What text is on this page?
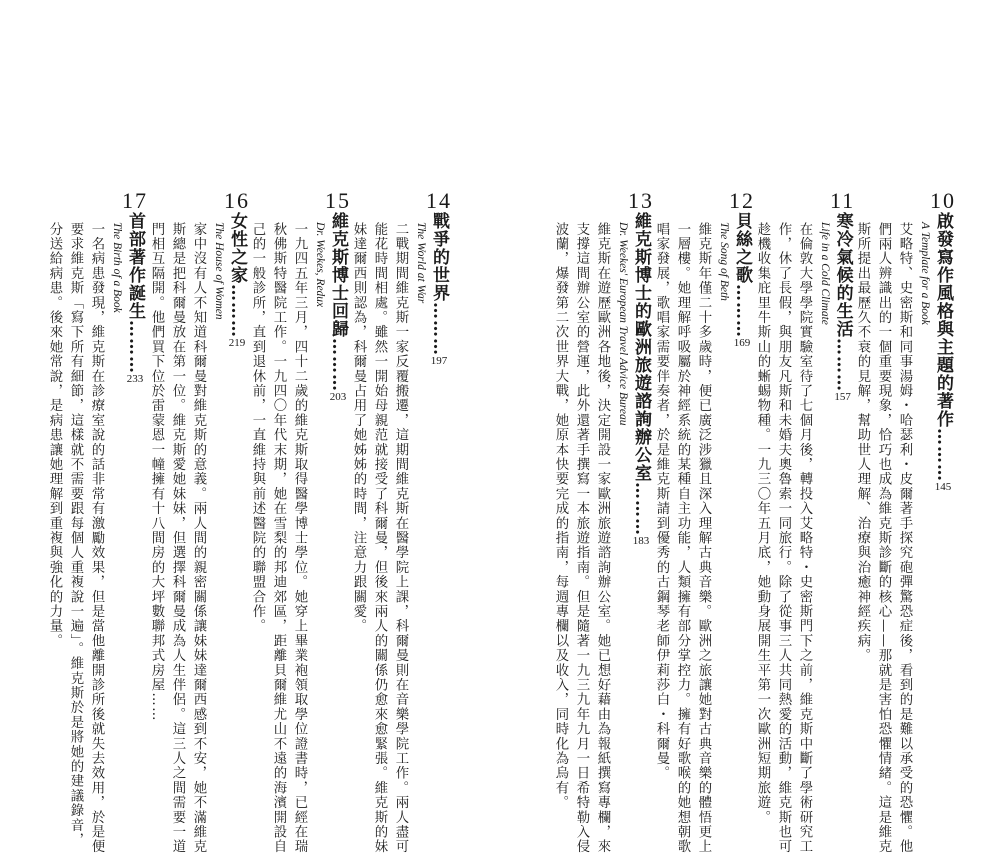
10啟發寫作風格與主題的著作………145
A Template for a Book
艾略特、史密斯和同事湯姆・哈瑟利・皮爾著手探究砲彈驚恐症後，看到的是難以承受的恐懼。他
們兩人辨識出的一個重要現象，恰巧也成為維克斯診斷的核心——那就是害怕恐懼情緒。這是維克
斯所提出最歷久不衰的見解，幫助世人理解、治療與治癒神經疾病。
11寒冷氣候的生活………157
Life in a Cold Climate
在倫敦大學學院實驗室待了七個月後，轉投入艾略特・史密斯門下之前，維克斯中斷了學術研究工
作，休了長假，與朋友凡斯和未婚夫奧魯索一同旅行。除了從事三人共同熱愛的活動，維克斯也可
趁機收集庇里牛斯山的蜥蜴物種。一九三〇年五月底，她動身展開生平第一次歐洲短期旅遊。
12貝絲之歌………169
The Song of Beth
維克斯年僅二十多歲時，便已廣泛涉獵且深入理解古典音樂。歐洲之旅讓她對古典音樂的體悟更上
一層樓。她理解呼吸屬於神經系統的某種自主功能，人類擁有部分掌控力。擁有好歌喉的她想朝歌
唱家發展，歌唱家需要伴奏者，於是維克斯請到優秀的古鋼琴老師伊莉莎白・科爾曼。
13維克斯博士的歐洲旅遊諮詢辦公室………183
Dr. Weekes' European Travel Advice Bureau
維克斯在遊歷歐洲各地後，決定開設一家歐洲旅遊諮詢辦公室。她已想好藉由為報紙撰寫專欄，來
支撐這間辦公室的營運，此外還著手撰寫一本旅遊指南。但是隨著一九三九年九月一日希特勒入侵
波蘭，爆發第二次世界大戰，她原本快要完成的指南，每週專欄以及收入，同時化為烏有。
14戰爭的世界………197
The World at War
二戰期間維克斯一家反覆搬遷，這期間維克斯在醫學院上課，科爾曼則在音樂學院工作。兩人盡可
能花時間相處。雖然一開始母親范就接受了科爾曼，但後來兩人的關係仍愈來愈緊張。維克斯的妹
妹達爾西則認為，科爾曼占用了她姊姊的時間，注意力跟關愛。
15維克斯博士回歸………203
Dr. Weekes, Redux
一九四五年三月，四十二歲的維克斯取得醫學博士學位。她穿上畢業袍領取學位證書時，已經在瑞
秋佛斯特醫院工作。一九四〇年代末期，她在雪梨的邦迪郊區，距離貝爾維尤山不遠的海濱開設自
己的一般診所，直到退休前，一直維持與前述醫院的聯盟合作。
16女性之家………219
The House of Women
家中沒有人不知道科爾曼對維克斯的意義。兩人間的親密關係讓妹妹達爾西感到不安，她不滿維克
斯總是把科爾曼放在第一位。維克斯愛她妹妹，但選擇科爾曼成為人生伴侶。這三人之間需要一道
門相互隔開。他們買下位於雷蒙恩一幢擁有十八間房的大坪數聯邦式房屋……
17首部著作誕生………233
The Birth of a Book
一名病患發現，維克斯在診療室說的話非常有激勵效果，但是當他離開診所後就失去效用，於是便
要求維克斯「寫下所有細節，這樣就不需要跟每個人重複說一遍」。維克斯於是將她的建議錄音，
分送給病患。後來她常說，是病患讓她理解到重複與強化的力量。
